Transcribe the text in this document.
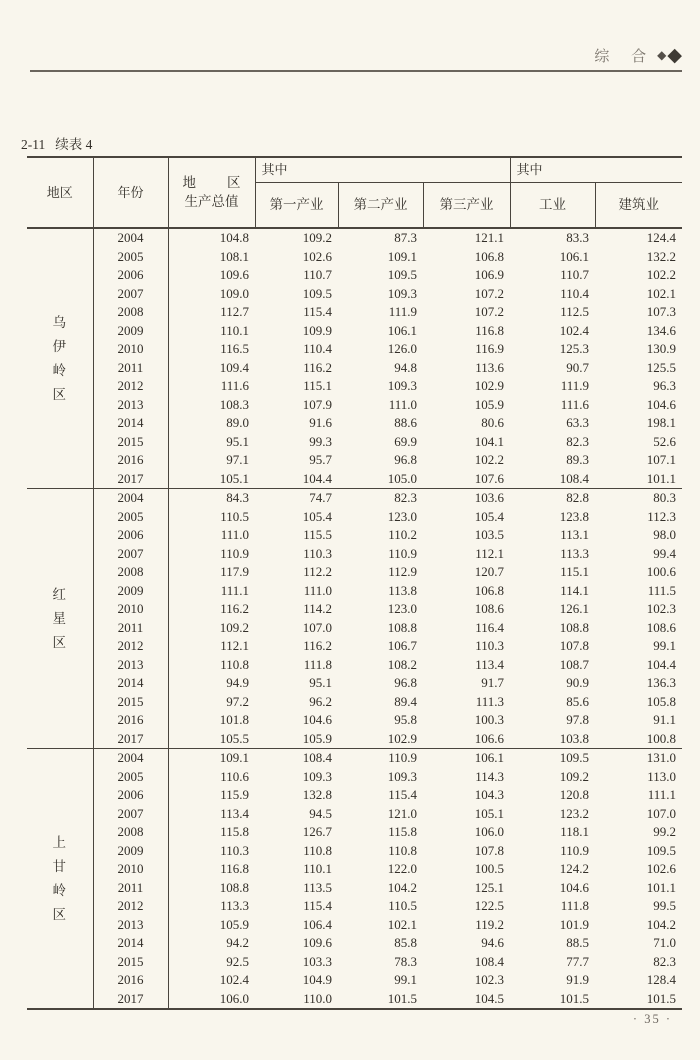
综 合 ◆◆
2-11 续表 4
地区	年份	地 区
生产总值	其中			其中	
			第一产业	第二产业	第三产业	工业	建筑业

乌
伊
岭
区	2004	104.8	109.2	87.3	121.1	83.3	124.4
	2005	108.1	102.6	109.1	106.8	106.1	132.2
	2006	109.6	110.7	109.5	106.9	110.7	102.2
	2007	109.0	109.5	109.3	107.2	110.4	102.1
	2008	112.7	115.4	111.9	107.2	112.5	107.3
	2009	110.1	109.9	106.1	116.8	102.4	134.6
	2010	116.5	110.4	126.0	116.9	125.3	130.9
	2011	109.4	116.2	94.8	113.6	90.7	125.5
	2012	111.6	115.1	109.3	102.9	111.9	96.3
	2013	108.3	107.9	111.0	105.9	111.6	104.6
	2014	89.0	91.6	88.6	80.6	63.3	198.1
	2015	95.1	99.3	69.9	104.1	82.3	52.6
	2016	97.1	95.7	96.8	102.2	89.3	107.1
	2017	105.1	104.4	105.0	107.6	108.4	101.1

红
星
区	2004	84.3	74.7	82.3	103.6	82.8	80.3
	2005	110.5	105.4	123.0	105.4	123.8	112.3
	2006	111.0	115.5	110.2	103.5	113.1	98.0
	2007	110.9	110.3	110.9	112.1	113.3	99.4
	2008	117.9	112.2	112.9	120.7	115.1	100.6
	2009	111.1	111.0	113.8	106.8	114.1	111.5
	2010	116.2	114.2	123.0	108.6	126.1	102.3
	2011	109.2	107.0	108.8	116.4	108.8	108.6
	2012	112.1	116.2	106.7	110.3	107.8	99.1
	2013	110.8	111.8	108.2	113.4	108.7	104.4
	2014	94.9	95.1	96.8	91.7	90.9	136.3
	2015	97.2	96.2	89.4	111.3	85.6	105.8
	2016	101.8	104.6	95.8	100.3	97.8	91.1
	2017	105.5	105.9	102.9	106.6	103.8	100.8

上
甘
岭
区	2004	109.1	108.4	110.9	106.1	109.5	131.0
	2005	110.6	109.3	109.3	114.3	109.2	113.0
	2006	115.9	132.8	115.4	104.3	120.8	111.1
	2007	113.4	94.5	121.0	105.1	123.2	107.0
	2008	115.8	126.7	115.8	106.0	118.1	99.2
	2009	110.3	110.8	110.8	107.8	110.9	109.5
	2010	116.8	110.1	122.0	100.5	124.2	102.6
	2011	108.8	113.5	104.2	125.1	104.6	101.1
	2012	113.3	115.4	110.5	122.5	111.8	99.5
	2013	105.9	106.4	102.1	119.2	101.9	104.2
	2014	94.2	109.6	85.8	94.6	88.5	71.0
	2015	92.5	103.3	78.3	108.4	77.7	82.3
	2016	102.4	104.9	99.1	102.3	91.9	128.4
	2017	106.0	110.0	101.5	104.5	101.5	101.5
· 35 ·
